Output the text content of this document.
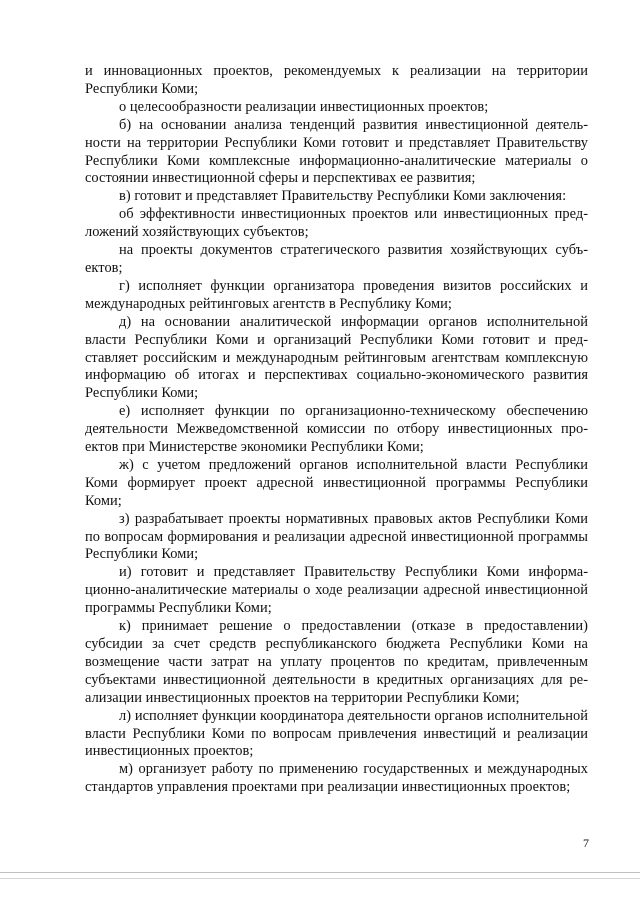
и инновационных проектов, рекомендуемых к реализации на территории Республики Коми;

о целесообразности реализации инвестиционных проектов;

б) на основании анализа тенденций развития инвестиционной деятельности на территории Республики Коми готовит и представляет Правительству Республики Коми комплексные информационно-аналитические материалы о состоянии инвестиционной сферы и перспективах ее развития;

в) готовит и представляет Правительству Республики Коми заключения:

об эффективности инвестиционных проектов или инвестиционных предложений хозяйствующих субъектов;

на проекты документов стратегического развития хозяйствующих субъектов;

г) исполняет функции организатора проведения визитов российских и международных рейтинговых агентств в Республику Коми;

д) на основании аналитической информации органов исполнительной власти Республики Коми и организаций Республики Коми готовит и представляет российским и международным рейтинговым агентствам комплексную информацию об итогах и перспективах социально-экономического развития Республики Коми;

е) исполняет функции по организационно-техническому обеспечению деятельности Межведомственной комиссии по отбору инвестиционных проектов при Министерстве экономики Республики Коми;

ж) с учетом предложений органов исполнительной власти Республики Коми формирует проект адресной инвестиционной программы Республики Коми;

з) разрабатывает проекты нормативных правовых актов Республики Коми по вопросам формирования и реализации адресной инвестиционной программы Республики Коми;

и) готовит и представляет Правительству Республики Коми информационно-аналитические материалы о ходе реализации адресной инвестиционной программы Республики Коми;

к) принимает решение о предоставлении (отказе в предоставлении) субсидии за счет средств республиканского бюджета Республики Коми на возмещение части затрат на уплату процентов по кредитам, привлеченным субъектами инвестиционной деятельности в кредитных организациях для реализации инвестиционных проектов на территории Республики Коми;

л) исполняет функции координатора деятельности органов исполнительной власти Республики Коми по вопросам привлечения инвестиций и реализации инвестиционных проектов;

м) организует работу по применению государственных и международных стандартов управления проектами при реализации инвестиционных проектов;

7
